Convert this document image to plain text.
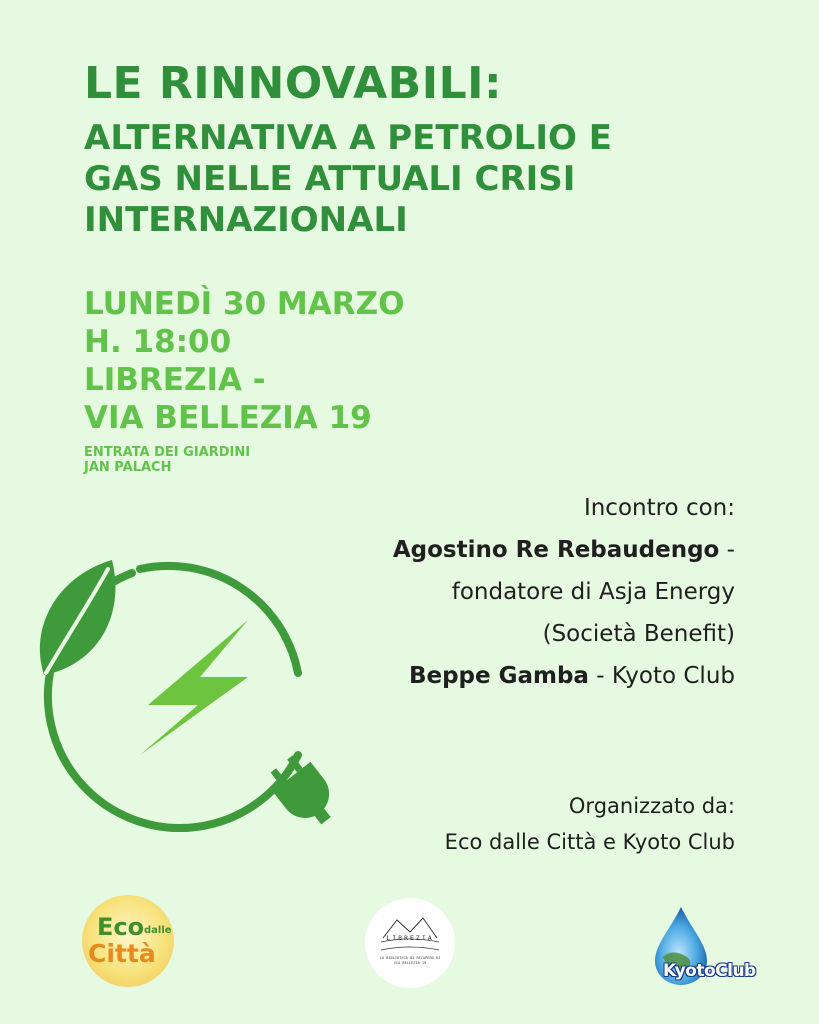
LE RINNOVABILI:
ALTERNATIVA A PETROLIO E
GAS NELLE ATTUALI CRISI
INTERNAZIONALI
LUNEDÌ 30 MARZO
H. 18:00
LIBREZIA -
VIA BELLEZIA 19
ENTRATA DEI GIARDINI
JAN PALACH
Incontro con:
Agostino Re Rebaudengo -
fondatore di Asja Energy
(Società Benefit)
Beppe Gamba - Kyoto Club
Organizzato da:
Eco dalle Città e Kyoto Club
Eco dalle
Città
LIBREZIA
LA BIBLIOTECA DI RECUPERO DI VIA BELLEZIA 19	KyotoClub
